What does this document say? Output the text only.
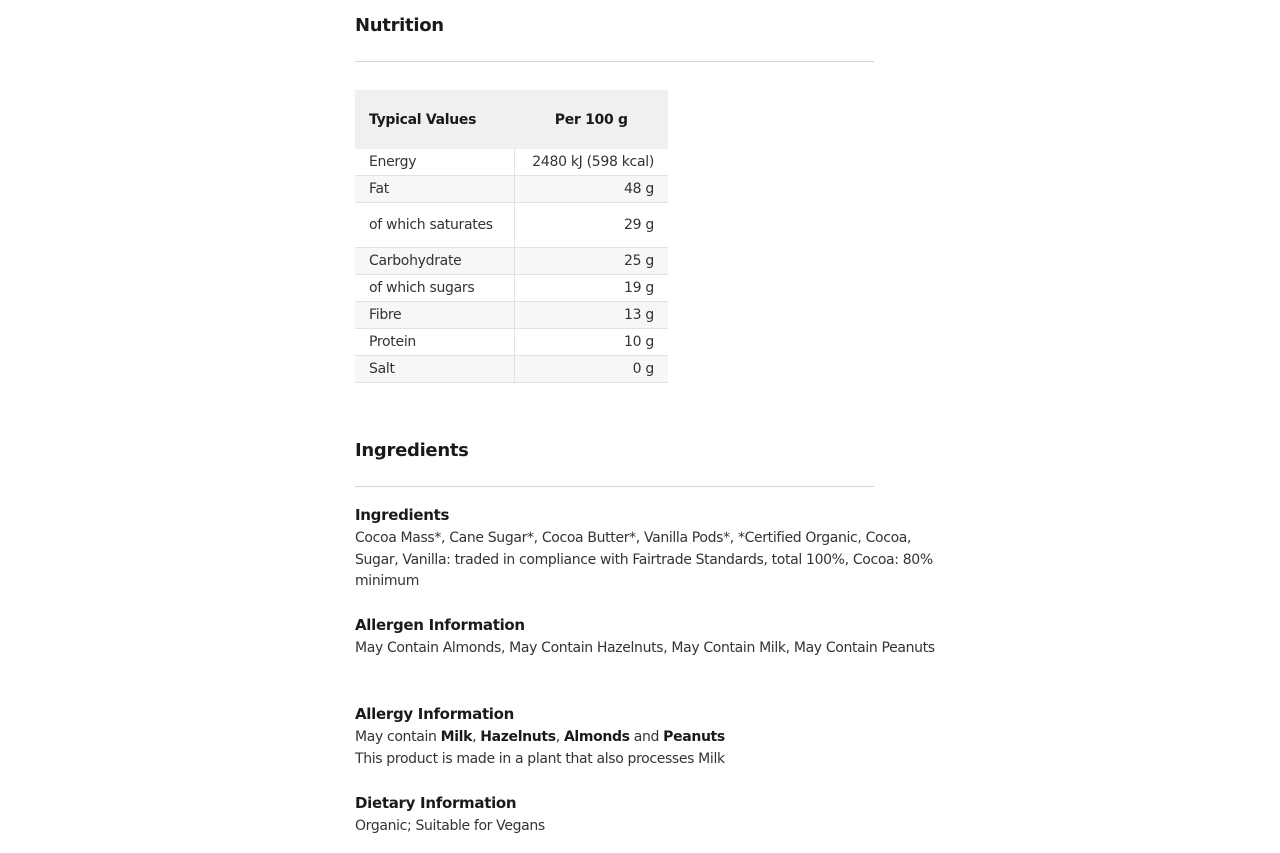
Nutrition
Typical Values	Per 100 g
Energy	2480 kJ (598 kcal)
Fat	48 g
of which saturates	29 g
Carbohydrate	25 g
of which sugars	19 g
Fibre	13 g
Protein	10 g
Salt	0 g
Ingredients
Ingredients

Cocoa Mass*, Cane Sugar*, Cocoa Butter*, Vanilla Pods*, *Certified Organic, Cocoa, Sugar, Vanilla: traded in compliance with Fairtrade Standards, total 100%, Cocoa: 80% minimum

Allergen Information

May Contain Almonds, May Contain Hazelnuts, May Contain Milk, May Contain Peanuts

Allergy Information

May contain Milk, Hazelnuts, Almonds and Peanuts
This product is made in a plant that also processes Milk

Dietary Information

Organic; Suitable for Vegans
